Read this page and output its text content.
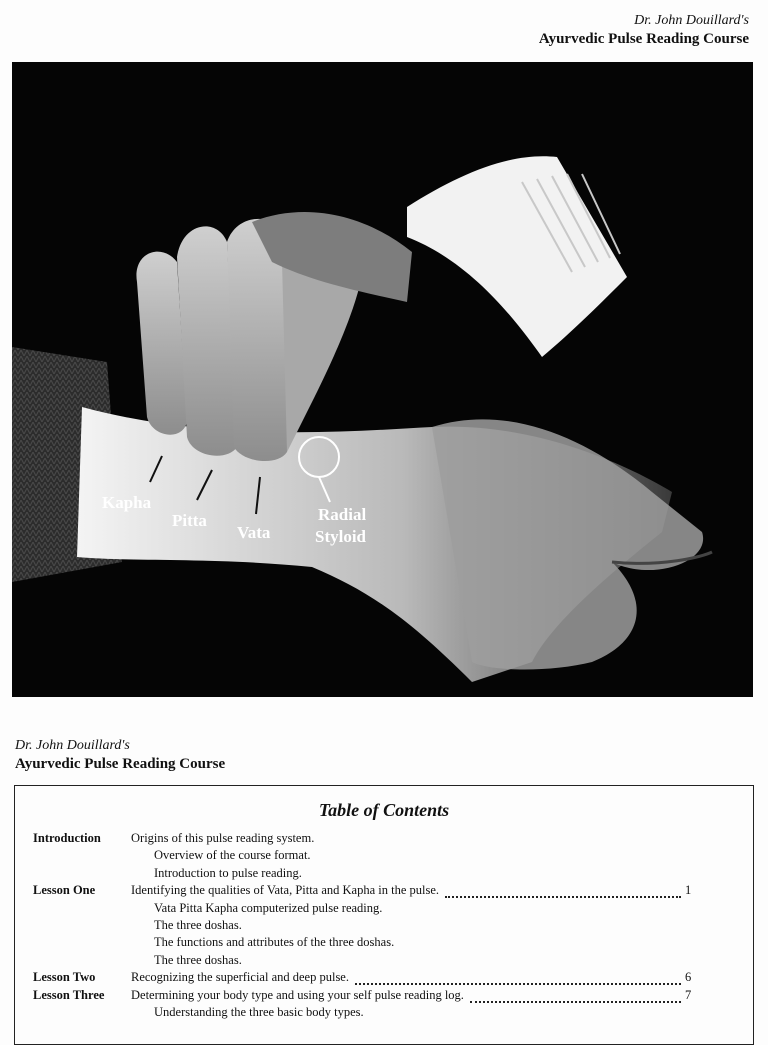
Dr. John Douillard's
Ayurvedic Pulse Reading Course
Kapha
Pitta
Vata
Radial
Styloid
Dr. John Douillard's
Ayurvedic Pulse Reading Course
Table of Contents
Introduction Origins of this pulse reading system.
Overview of the course format.
Introduction to pulse reading.
Lesson One	Identifying the qualities of Vata, Pitta and Kapha in the pulse.	1
Vata Pitta Kapha computerized pulse reading.
The three doshas.
The functions and attributes of the three doshas.
The three doshas.
Lesson Two	Recognizing the superficial and deep pulse.	6
Lesson Three Determining your body type and using your self pulse reading log.	7
Understanding the three basic body types.
